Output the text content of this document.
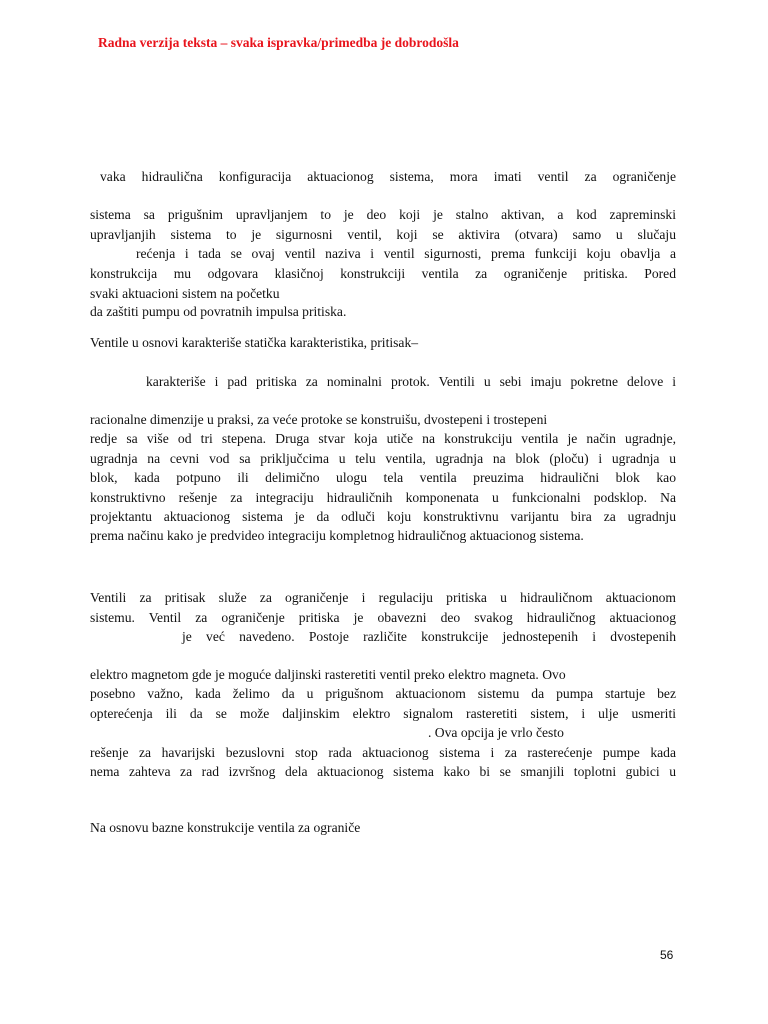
Radna verzija teksta – svaka ispravka/primedba je dobrodošla
vaka hidraulična konfiguracija aktuacionog sistema, mora imati ventil za ograničenje
sistema sa prigušnim upravljanjem to je deo koji je stalno aktivan, a kod zapreminski
upravljanjih sistema to je sigurnosni ventil, koji se aktivira (otvara) samo u slučaju
rećenja i tada se ovaj ventil naziva i ventil sigurnosti, prema funkciji koju obavlja a
konstrukcija mu odgovara klasičnoj konstrukciji ventila za ograničenje pritiska. Pored
svaki aktuacioni sistem na početku
da zaštiti pumpu od povratnih impulsa pritiska.
Ventile u osnovi karakteriše statička karakteristika, pritisak–
karakteriše i pad pritiska za nominalni protok. Ventili u sebi imaju pokretne delove i
racionalne dimenzije u praksi, za veće protoke se konstruišu, dvostepeni i trostepeni
redje sa više od tri stepena. Druga stvar koja utiče na konstrukciju ventila je način ugradnje,
ugradnja na cevni vod sa priključcima u telu ventila, ugradnja na blok (ploču) i ugradnja u
blok, kada potpuno ili delimično ulogu tela ventila preuzima hidraulični blok kao
konstruktivno rešenje za integraciju hidrauličnih komponenata u funkcionalni podsklop. Na
projektantu aktuacionog sistema je da odluči koju konstruktivnu varijantu bira za ugradnju
prema načinu kako je predvideo integraciju kompletnog hidrauličnog aktuacionog sistema.
Ventili za pritisak služe za ograničenje i regulaciju pritiska u hidrauličnom aktuacionom
sistemu. Ventil za ograničenje pritiska je obavezni deo svakog hidrauličnog aktuacionog
je već navedeno. Postoje različite konstrukcije jednostepenih i dvostepenih
elektro magnetom gde je moguće daljinski rasteretiti ventil preko elektro magneta. Ovo
posebno važno, kada želimo da u prigušnom aktuacionom sistemu da pumpa startuje bez
opterećenja ili da se može daljinskim elektro signalom rasteretiti sistem, i ulje usmeriti
. Ova opcija je vrlo često
rešenje za havarijski bezuslovni stop rada aktuacionog sistema i za rasterećenje pumpe kada
nema zahteva za rad izvršnog dela aktuacionog sistema kako bi se smanjili toplotni gubici u
Na osnovu bazne konstrukcije ventila za ograniče
56
